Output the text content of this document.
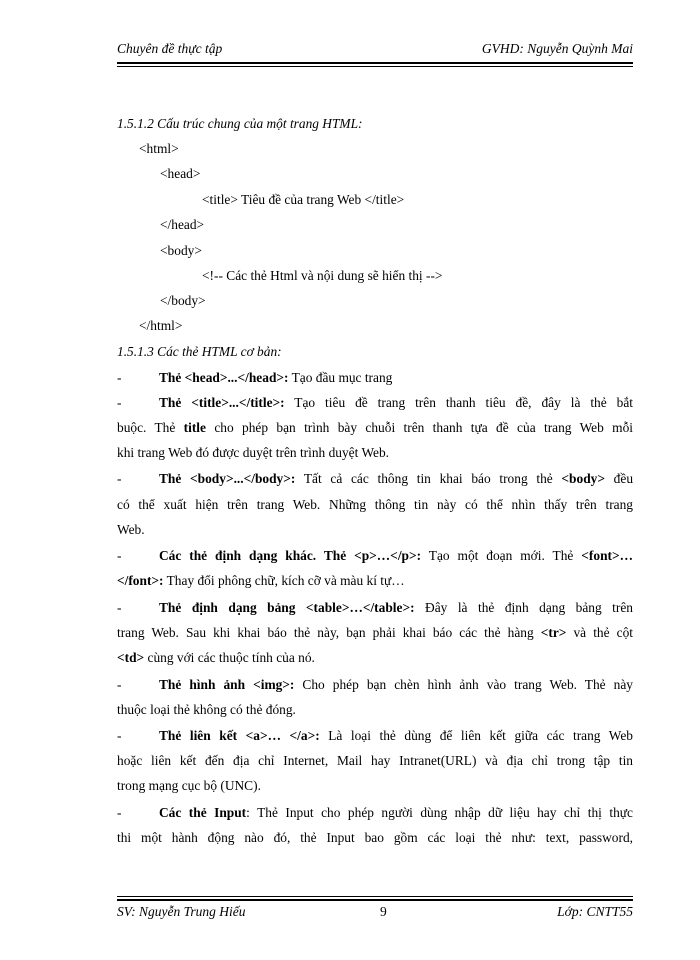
Chuyên đề thực tập	GVHD: Nguyễn Quỳnh Mai
1.5.1.2 Cấu trúc chung của một trang HTML:
<html>
<head>
<title> Tiêu đề của trang Web </title>
</head>
<body>
<!-- Các thẻ Html và nội dung sẽ hiển thị -->
</body>
</html>
1.5.1.3 Các thẻ HTML cơ bản:
-	Thẻ <head>...</head>: Tạo đầu mục trang
-	Thẻ <title>...</title>: Tạo tiêu đề trang trên thanh tiêu đề, đây là thẻ bắt
buộc. Thẻ title cho phép bạn trình bày chuỗi trên thanh tựa đề của trang Web mỗi
khi trang Web đó được duyệt trên trình duyệt Web.
-	Thẻ <body>...</body>: Tất cả các thông tin khai báo trong thẻ <body> đều
có thể xuất hiện trên trang Web. Những thông tin này có thể nhìn thấy trên trang
Web.
-	Các thẻ định dạng khác. Thẻ <p>…</p>: Tạo một đoạn mới. Thẻ <font>…
</font>: Thay đổi phông chữ, kích cỡ và màu kí tự…
-	Thẻ định dạng bảng <table>…</table>: Đây là thẻ định dạng bảng trên
trang Web. Sau khi khai báo thẻ này, bạn phải khai báo các thẻ hàng <tr> và thẻ cột
<td> cùng với các thuộc tính của nó.
-	Thẻ hình ảnh <img>: Cho phép bạn chèn hình ảnh vào trang Web. Thẻ này
thuộc loại thẻ không có thẻ đóng.
-	Thẻ liên kết <a>… </a>: Là loại thẻ dùng để liên kết giữa các trang Web
hoặc liên kết đến địa chỉ Internet, Mail hay Intranet(URL) và địa chỉ trong tập tin
trong mạng cục bộ (UNC).
-	Các thẻ Input: Thẻ Input cho phép người dùng nhập dữ liệu hay chỉ thị thực
thi một hành động nào đó, thẻ Input bao gồm các loại thẻ như: text, password,
SV: Nguyễn Trung Hiếu	9	Lớp: CNTT55
